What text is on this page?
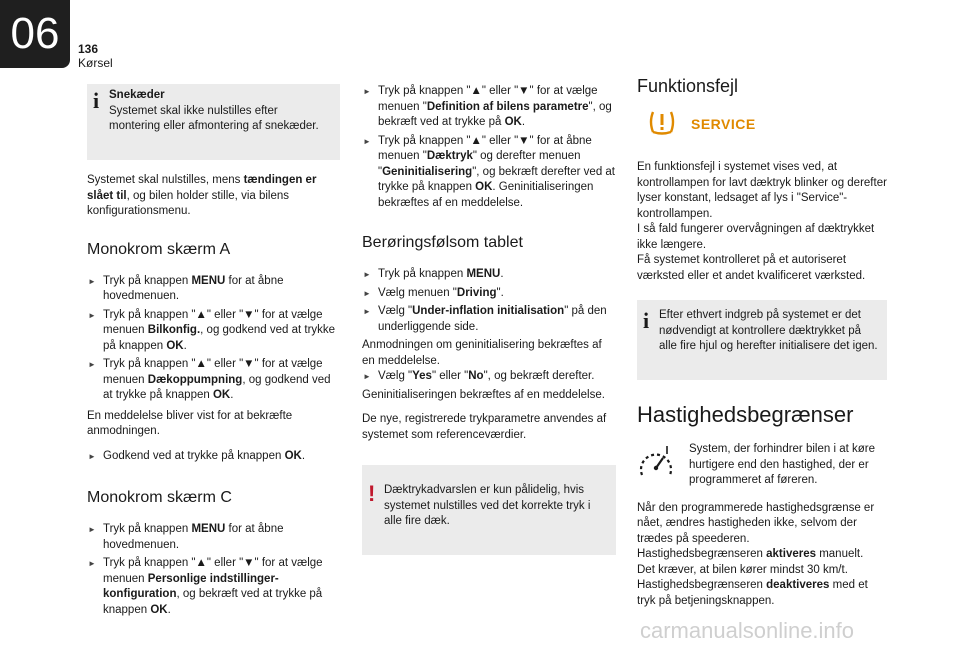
06	136
Kørsel
i Snekæder
Systemet skal ikke nulstilles efter montering eller afmontering af snekæder.

Systemet skal nulstilles, mens tændingen er slået til, og bilen holder stille, via bilens konfigurationsmenu.

Monokrom skærm A
► Tryk på knappen MENU for at åbne hovedmenuen.
► Tryk på knappen "▲" eller "▼" for at vælge menuen Bilkonfig., og godkend ved at trykke på knappen OK.
► Tryk på knappen "▲" eller "▼" for at vælge menuen Dækoppumpning, og godkend ved at trykke på knappen OK.

En meddelelse bliver vist for at bekræfte anmodningen.

► Godkend ved at trykke på knappen OK.
Monokrom skærm C
► Tryk på knappen MENU for at åbne hovedmenuen.
► Tryk på knappen "▲" eller "▼" for at vælge menuen Personlige indstillinger-konfiguration, og bekræft ved at trykke på knappen OK.
► Tryk på knappen "▲" eller "▼" for at vælge menuen "Definition af bilens parametre", og bekræft ved at trykke på OK.
► Tryk på knappen "▲" eller "▼" for at åbne menuen "Dæktryk" og derefter menuen "Geninitialisering", og bekræft derefter ved at trykke på knappen OK. Geninitialiseringen bekræftes af en meddelelse.
Berøringsfølsom tablet
► Tryk på knappen MENU.
► Vælg menuen "Driving".
► Vælg "Under-inflation initialisation" på den underliggende side.
Anmodningen om geninitialisering bekræftes af en meddelelse.
► Vælg "Yes" eller "No", og bekræft derefter.

Geninitialiseringen bekræftes af en meddelelse.

De nye, registrerede trykparametre anvendes af systemet som referenceværdier.

! Dæktrykadvarslen er kun pålidelig, hvis systemet nulstilles ved det korrekte tryk i alle fire dæk.
Funktionsfejl
SERVICE
En funktionsfejl i systemet vises ved, at kontrollampen for lavt dæktryk blinker og derefter lyser konstant, ledsaget af lys i "Service"-kontrollampen.
I så fald fungerer overvågningen af dæktrykket ikke længere.

Få systemet kontrolleret på et autoriseret værksted eller et andet kvalificeret værksted.

i Efter ethvert indgreb på systemet er det nødvendigt at kontrollere dæktrykket på alle fire hjul og herefter initialisere det igen.
Hastighedsbegrænser
System, der forhindrer bilen i at køre hurtigere end den hastighed, der er programmeret af føreren.
Når den programmerede hastighedsgrænse er nået, ændres hastigheden ikke, selvom der trædes på speederen.
Hastighedsbegrænseren aktiveres manuelt.
Det kræver, at bilen kører mindst 30 km/t.
Hastighedsbegrænseren deaktiveres med et tryk på betjeningsknappen.
carmanualsonline.info
